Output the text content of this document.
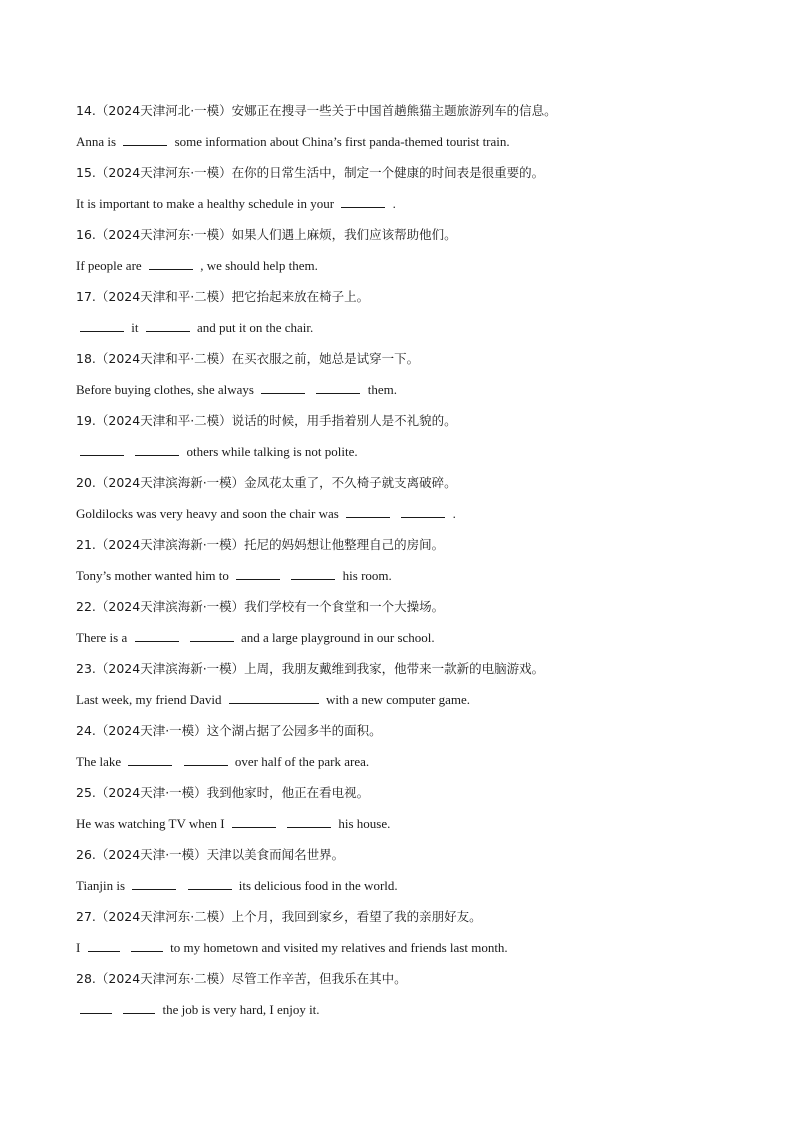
14.（2024天津河北·一模）安娜正在搜寻一些关于中国首趟熊猫主题旅游列车的信息。
Anna is	some information about China’s first panda-themed tourist train.
15.（2024天津河东·一模）在你的日常生活中，制定一个健康的时间表是很重要的。
It is important to make a healthy schedule in your	.
16.（2024天津河东·一模）如果人们遇上麻烦，我们应该帮助他们。
If people are	, we should help them.
17.（2024天津和平·二模）把它抬起来放在椅子上。
it	and put it on the chair.
18.（2024天津和平·二模）在买衣服之前，她总是试穿一下。
Before buying clothes, she always	them.
19.（2024天津和平·二模）说话的时候，用手指着别人是不礼貌的。
others while talking is not polite.
20.（2024天津滨海新·一模）金凤花太重了，不久椅子就支离破碎。
Goldilocks was very heavy and soon the chair was	.
21.（2024天津滨海新·一模）托尼的妈妈想让他整理自己的房间。
Tony’s mother wanted him to	his room.
22.（2024天津滨海新·一模）我们学校有一个食堂和一个大操场。
There is a	and a large playground in our school.
23.（2024天津滨海新·一模）上周，我朋友戴维到我家，他带来一款新的电脑游戏。
Last week, my friend David	with a new computer game.
24.（2024天津·一模）这个湖占据了公园多半的面积。
The lake	over half of the park area.
25.（2024天津·一模）我到他家时，他正在看电视。
He was watching TV when I	his house.
26.（2024天津·一模）天津以美食而闻名世界。
Tianjin is	its delicious food in the world.
27.（2024天津河东·二模）上个月，我回到家乡，看望了我的亲朋好友。
I	to my hometown and visited my relatives and friends last month.
28.（2024天津河东·二模）尽管工作辛苦，但我乐在其中。
the job is very hard, I enjoy it.
